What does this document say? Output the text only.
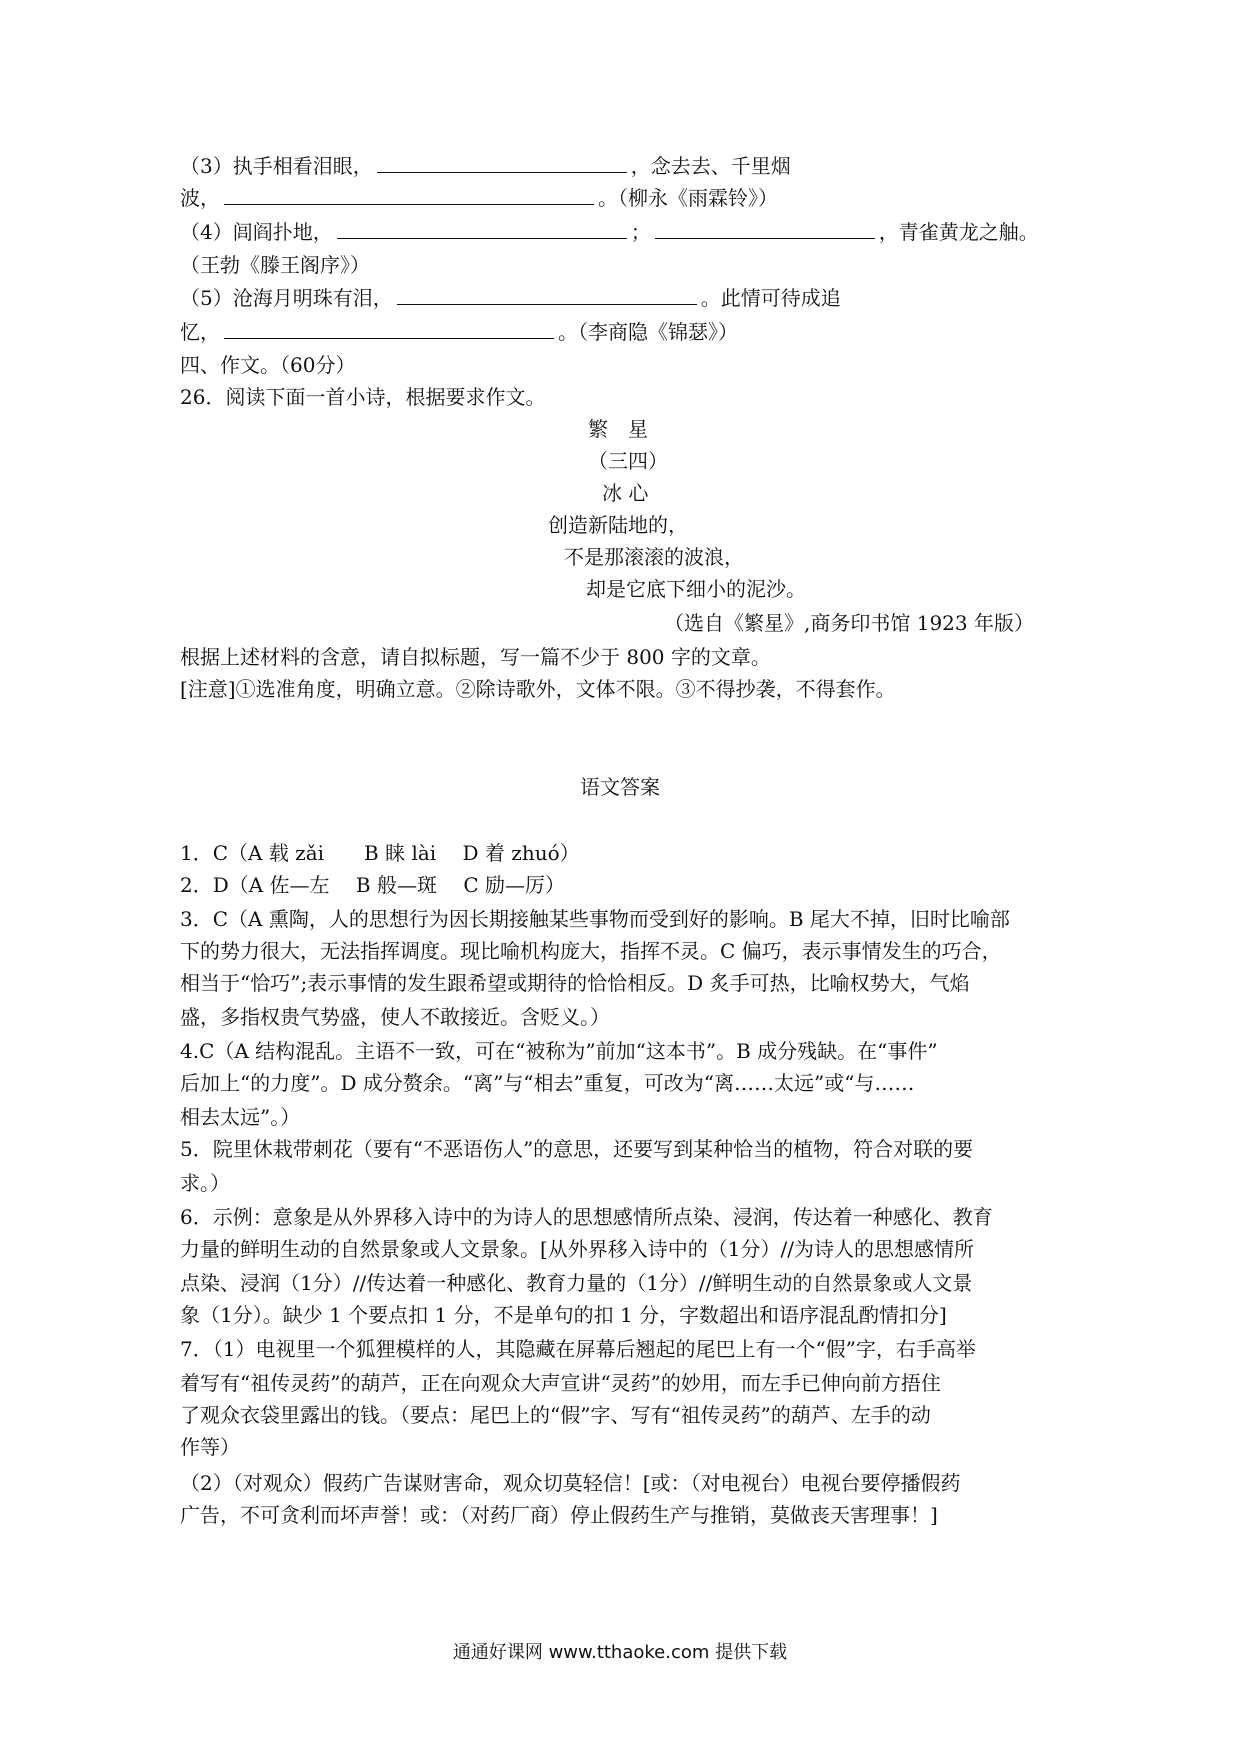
（3）执手相看泪眼，	，念去去、千里烟
波，	。（柳永《雨霖铃》）
（4）闾阎扑地，	；	，青雀黄龙之舳。
（王勃《滕王阁序》）
（5）沧海月明珠有泪，	。此情可待成追
忆，	。（李商隐《锦瑟》）
四、作文。（60分）
26．阅读下面一首小诗，根据要求作文。
繁　星
（三四）
冰 心
创造新陆地的，
不是那滚滚的波浪，
却是它底下细小的泥沙。
（选自《繁星》,商务印书馆 1923 年版）
根据上述材料的含意，请自拟标题，写一篇不少于 800 字的文章。
[注意]①选准角度，明确立意。②除诗歌外，文体不限。③不得抄袭，不得套作。
语文答案
1．C（A 载 zǎi　　B 睐 lài　 D 着 zhuó）
2．D（A 佐—左　 B 般—斑　 C 励—厉）
3．C（A 熏陶，人的思想行为因长期接触某些事物而受到好的影响。B 尾大不掉，旧时比喻部
下的势力很大，无法指挥调度。现比喻机构庞大，指挥不灵。C 偏巧，表示事情发生的巧合，
相当于“恰巧”;表示事情的发生跟希望或期待的恰恰相反。D 炙手可热，比喻权势大，气焰
盛，多指权贵气势盛，使人不敢接近。含贬义。）
4.C（A 结构混乱。主语不一致，可在“被称为”前加“这本书”。B 成分残缺。在“事件”
后加上“的力度”。D 成分赘余。“离”与“相去”重复，可改为“离……太远”或“与……
相去太远”。）
5．院里休栽带刺花（要有“不恶语伤人”的意思，还要写到某种恰当的植物，符合对联的要
求。）
6．示例：意象是从外界移入诗中的为诗人的思想感情所点染、浸润，传达着一种感化、教育
力量的鲜明生动的自然景象或人文景象。[从外界移入诗中的（1分）//为诗人的思想感情所
点染、浸润（1分）//传达着一种感化、教育力量的（1分）//鲜明生动的自然景象或人文景
象（1分）。缺少 1 个要点扣 1 分，不是单句的扣 1 分，字数超出和语序混乱酌情扣分]
7．（1）电视里一个狐狸模样的人，其隐藏在屏幕后翘起的尾巴上有一个“假”字，右手高举
着写有“祖传灵药”的葫芦，正在向观众大声宣讲“灵药”的妙用，而左手已伸向前方捂住
了观众衣袋里露出的钱。（要点：尾巴上的“假”字、写有“祖传灵药”的葫芦、左手的动
作等）
（2）（对观众）假药广告谋财害命，观众切莫轻信！[或：（对电视台）电视台要停播假药
广告，不可贪利而坏声誉！或：（对药厂商）停止假药生产与推销，莫做丧天害理事！]
通通好课网 www.tthaoke.com 提供下载
